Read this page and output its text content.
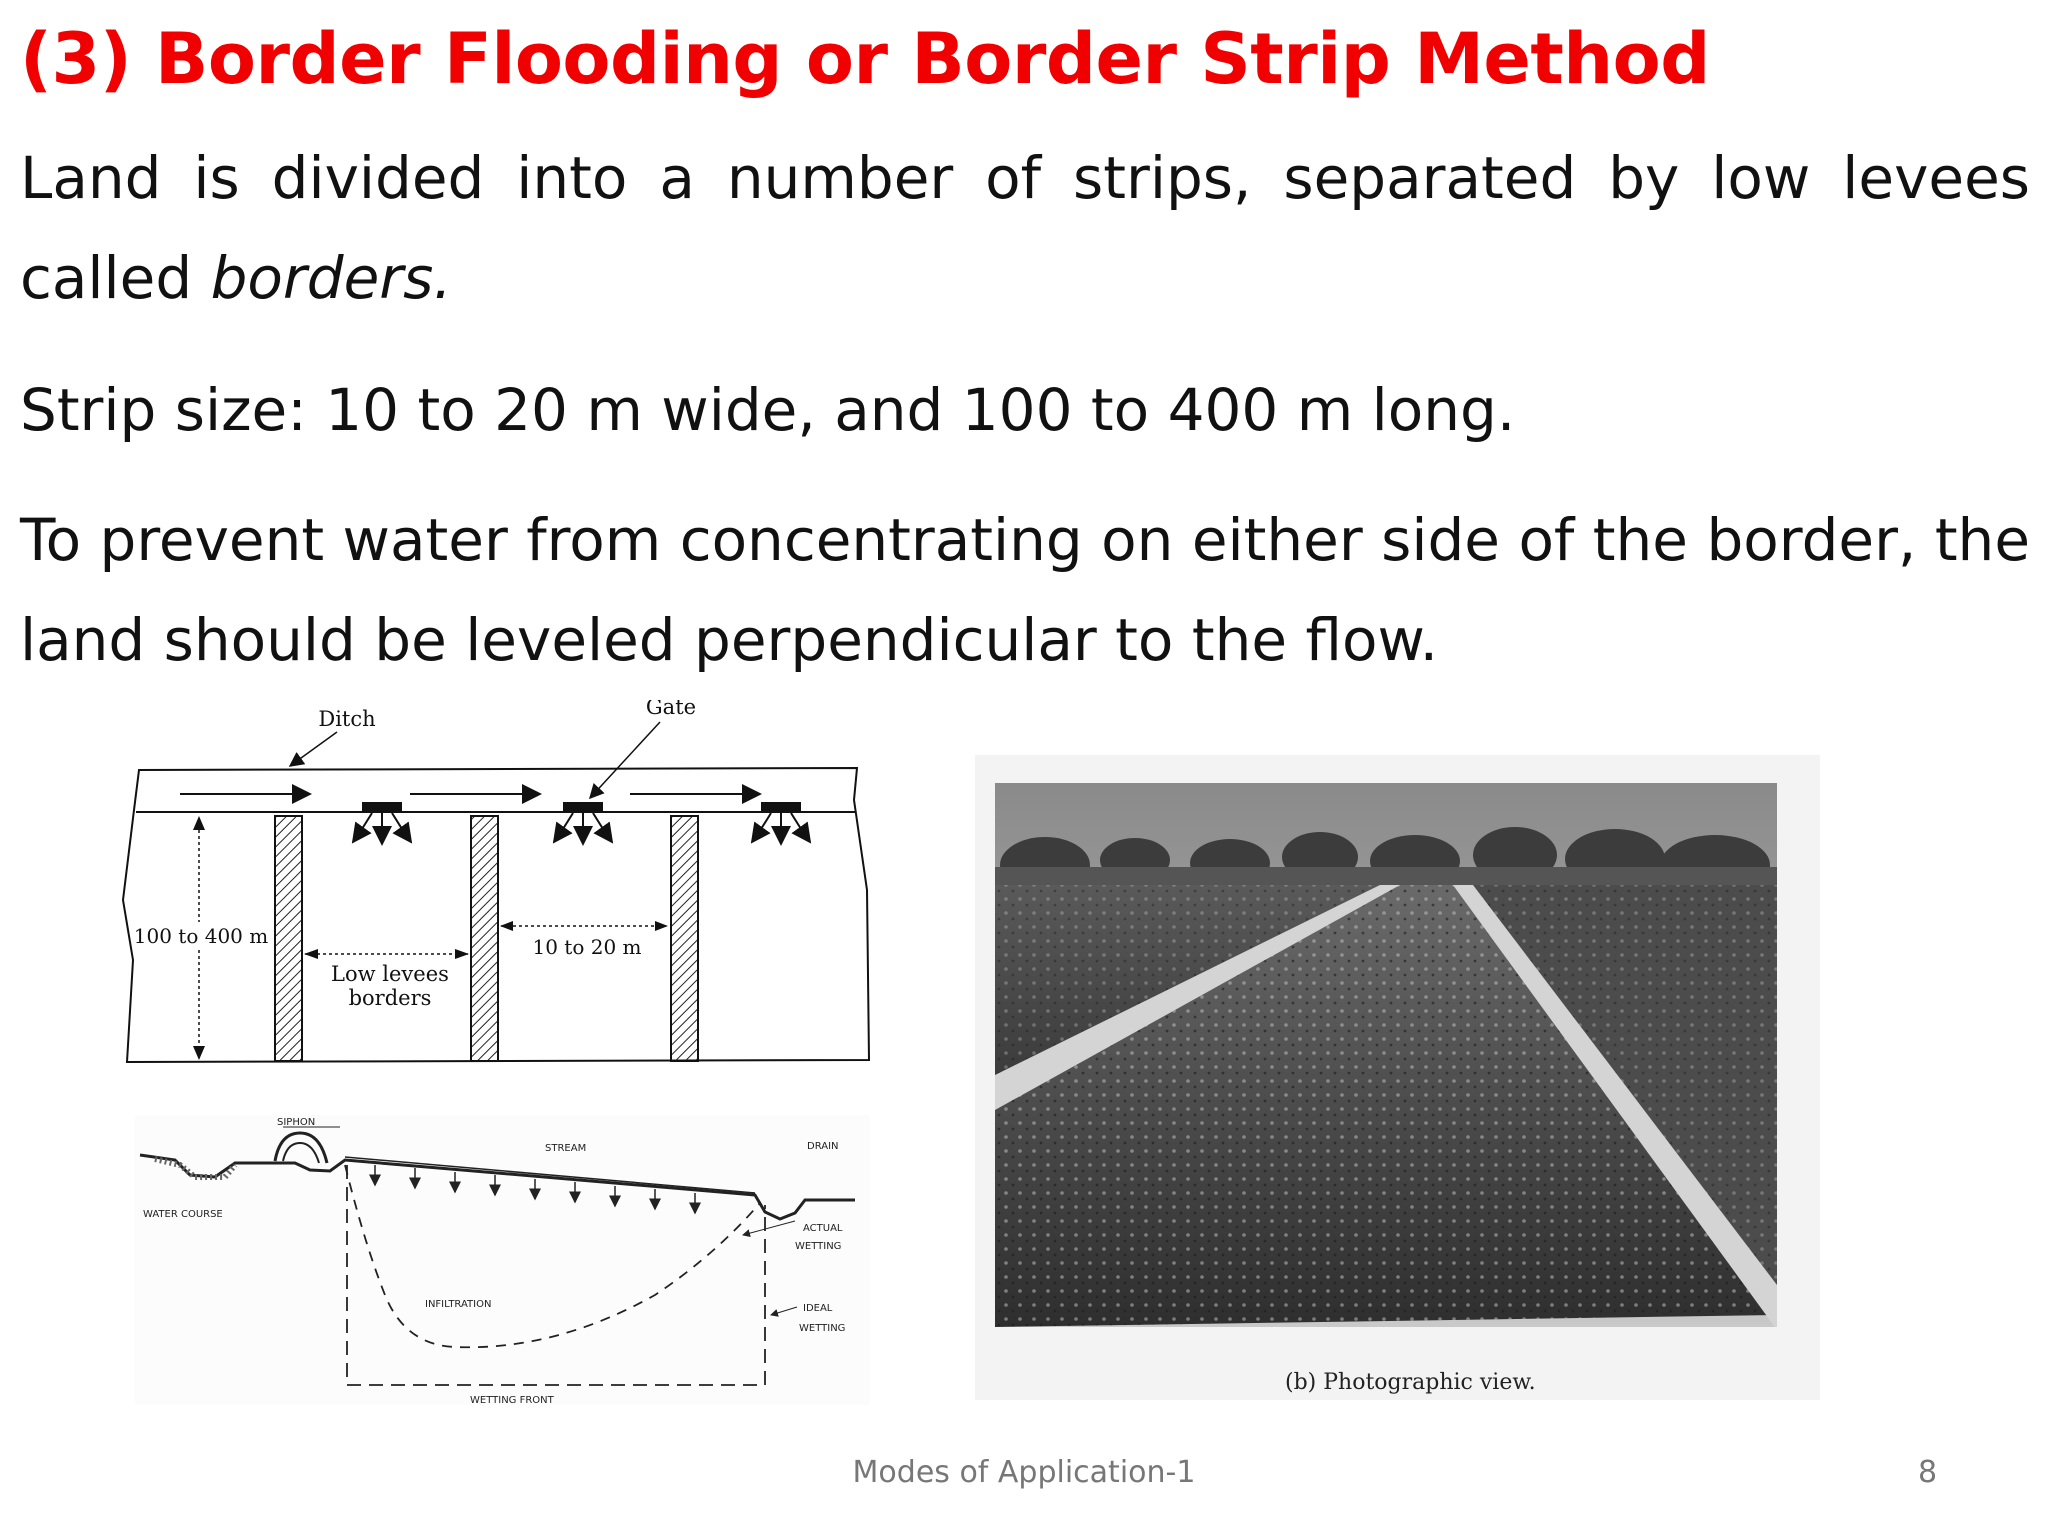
(3) Border Flooding or Border Strip Method

Land is divided into a number of strips, separated by low levees called borders.

Strip size: 10 to 20 m wide, and 100 to 400 m long.

To prevent water from concentrating on either side of the border, the land should be leveled perpendicular to the flow.

100 to 400 m	10 to 20 m
Low levees
borders
Ditch	Gate
SIPHON
STREAM	DRAIN
WATER COURSE
ACTUAL
WETTING
INFILTRATION	IDEAL
WETTING
WETTING FRONT
(b) Photographic view.
Modes of Application-1	8
